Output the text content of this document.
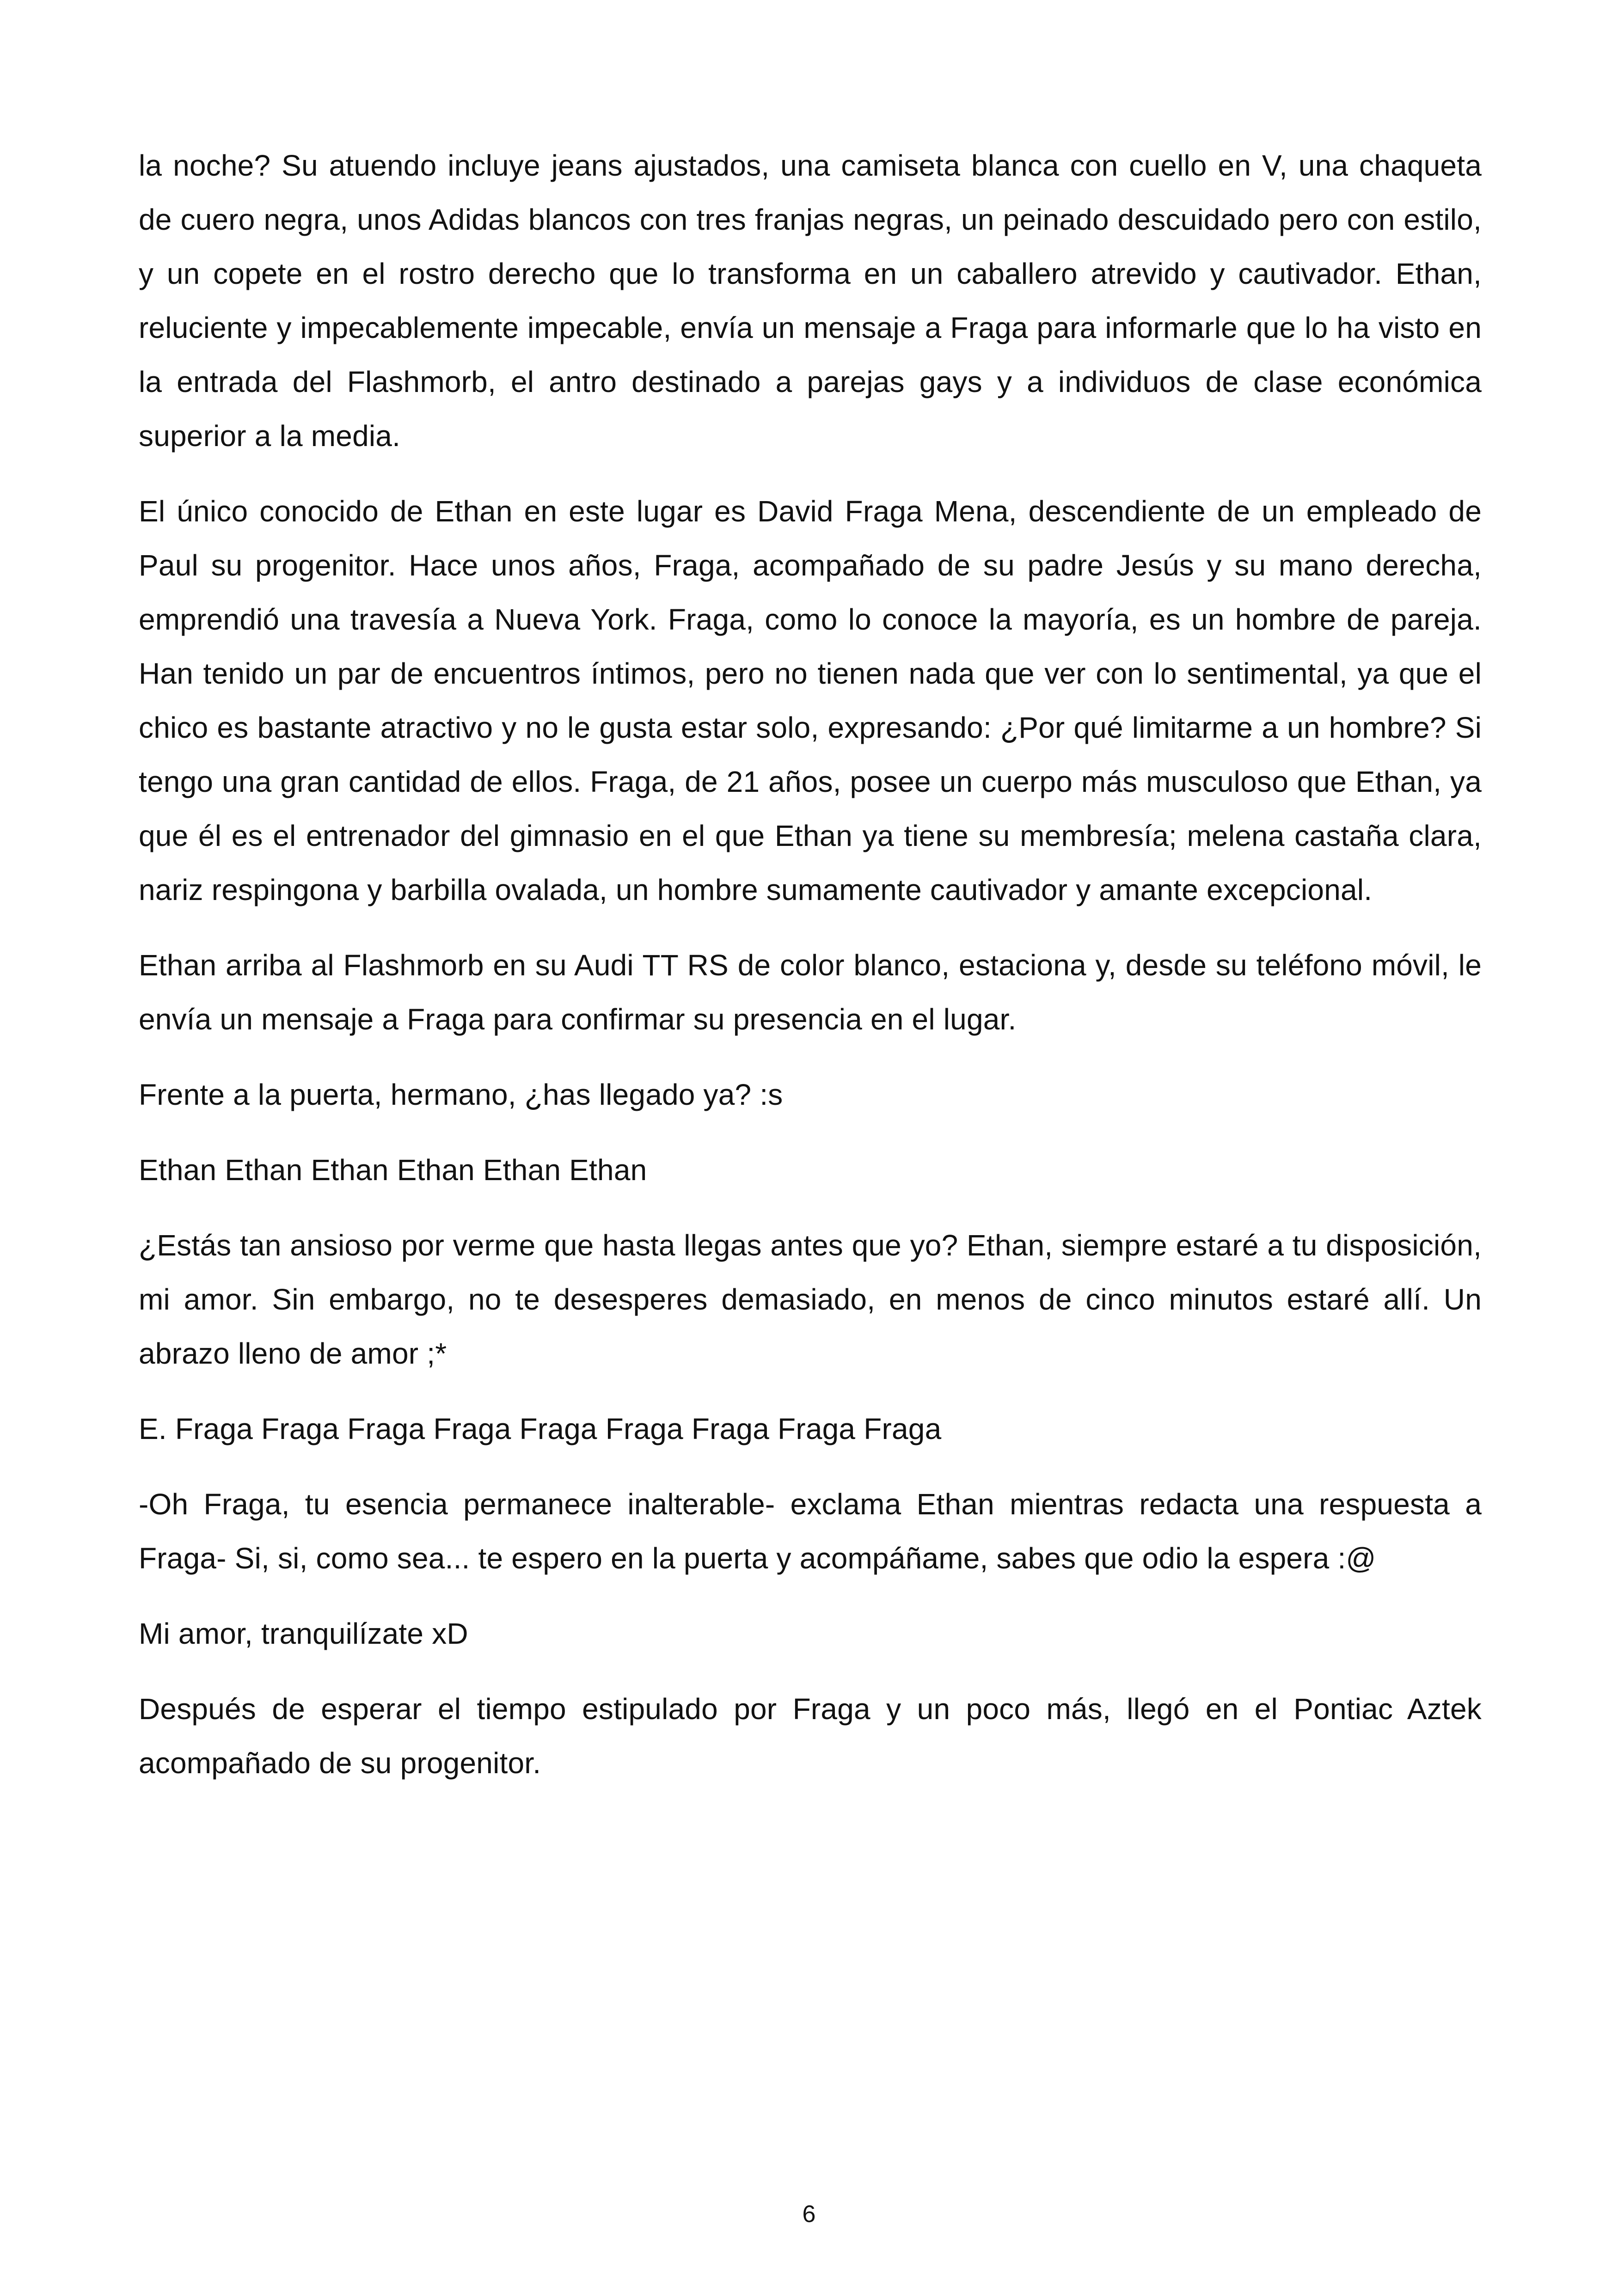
la noche? Su atuendo incluye jeans ajustados, una camiseta blanca con cuello en V, una chaqueta de cuero negra, unos Adidas blancos con tres franjas negras, un peinado descuidado pero con estilo, y un copete en el rostro derecho que lo transforma en un caballero atrevido y cautivador. Ethan, reluciente y impecablemente impecable, envía un mensaje a Fraga para informarle que lo ha visto en la entrada del Flashmorb, el antro destinado a parejas gays y a individuos de clase económica superior a la media.

El único conocido de Ethan en este lugar es David Fraga Mena, descendiente de un empleado de Paul su progenitor. Hace unos años, Fraga, acompañado de su padre Jesús y su mano derecha, emprendió una travesía a Nueva York. Fraga, como lo conoce la mayoría, es un hombre de pareja. Han tenido un par de encuentros íntimos, pero no tienen nada que ver con lo sentimental, ya que el chico es bastante atractivo y no le gusta estar solo, expresando: ¿Por qué limitarme a un hombre? Si tengo una gran cantidad de ellos. Fraga, de 21 años, posee un cuerpo más musculoso que Ethan, ya que él es el entrenador del gimnasio en el que Ethan ya tiene su membresía; melena castaña clara, nariz respingona y barbilla ovalada, un hombre sumamente cautivador y amante excepcional.

Ethan arriba al Flashmorb en su Audi TT RS de color blanco, estaciona y, desde su teléfono móvil, le envía un mensaje a Fraga para confirmar su presencia en el lugar.

Frente a la puerta, hermano, ¿has llegado ya? :s

Ethan Ethan Ethan Ethan Ethan Ethan

¿Estás tan ansioso por verme que hasta llegas antes que yo? Ethan, siempre estaré a tu disposición, mi amor. Sin embargo, no te desesperes demasiado, en menos de cinco minutos estaré allí. Un abrazo lleno de amor ;*

E. Fraga Fraga Fraga Fraga Fraga Fraga Fraga Fraga Fraga

-Oh Fraga, tu esencia permanece inalterable- exclama Ethan mientras redacta una respuesta a Fraga- Si, si, como sea... te espero en la puerta y acompáñame, sabes que odio la espera :@

Mi amor, tranquilízate xD

Después de esperar el tiempo estipulado por Fraga y un poco más, llegó en el Pontiac Aztek acompañado de su progenitor.

6
